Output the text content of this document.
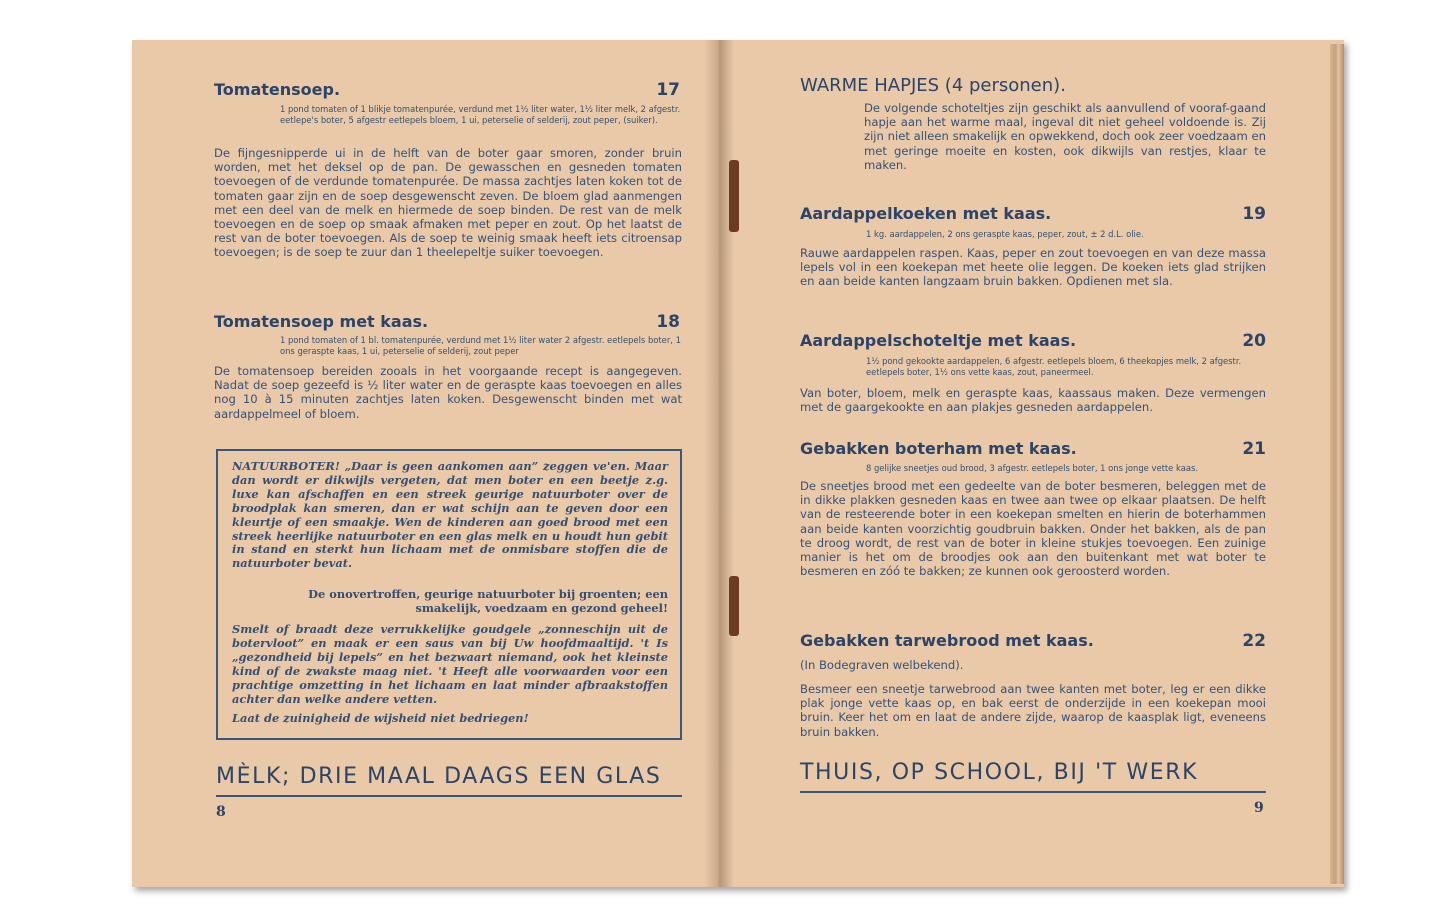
Tomatensoep.	17
1 pond tomaten of 1 blikje tomatenpurée, verdund met 1½ liter water, 1½ liter melk, 2 afgestr. eetlepe's boter, 5 afgestr eetlepels bloem, 1 ui, peterselie of selderij, zout peper, (suiker).
De fijngesnipperde ui in de helft van de boter gaar smoren, zonder bruin worden, met het deksel op de pan. De gewasschen en gesneden tomaten toevoegen of de verdunde tomatenpurée. De massa zachtjes laten koken tot de tomaten gaar zijn en de soep desgewenscht zeven. De bloem glad aanmengen met een deel van de melk en hiermede de soep binden. De rest van de melk toevoegen en de soep op smaak afmaken met peper en zout. Op het laatst de rest van de boter toevoegen. Als de soep te weinig smaak heeft iets citroensap toevoegen; is de soep te zuur dan 1 theelepeltje suiker toevoegen.
Tomatensoep met kaas.	18
1 pond tomaten of 1 bl. tomatenpurée, verdund met 1½ liter water 2 afgestr. eetlepels boter, 1 ons geraspte kaas, 1 ui, peterselie of selderij, zout peper
De tomatensoep bereiden zooals in het voorgaande recept is aangegeven. Nadat de soep gezeefd is ½ liter water en de geraspte kaas toevoegen en alles nog 10 à 15 minuten zachtjes laten koken. Desgewenscht binden met wat aardappelmeel of bloem.
NATUURBOTER! „Daar is geen aankomen aan” zeggen ve'en. Maar dan wordt er dikwijls vergeten, dat men boter en een beetje z.g. luxe kan afschaffen en een streek geurige natuurboter over de broodplak kan smeren, dan er wat schijn aan te geven door een kleurtje of een smaakje. Wen de kinderen aan goed brood met een streek heerlijke natuurboter en een glas melk en u houdt hun gebit in stand en sterkt hun lichaam met de onmisbare stoffen die de natuurboter bevat.
De onovertroffen, geurige natuurboter bij groenten; een smakelijk, voedzaam en gezond geheel!
Smelt of braadt deze verrukkelijke goudgele „zonneschijn uit de botervloot” en maak er een saus van bij Uw hoofdmaaltijd. 't Is „gezondheid bij lepels” en het bezwaart niemand, ook het kleinste kind of de zwakste maag niet. 't Heeft alle voorwaarden voor een prachtige omzetting in het lichaam en laat minder afbraakstoffen achter dan welke andere vetten.
Laat de zuinigheid de wijsheid niet bedriegen!
MÈLK; DRIE MAAL DAAGS EEN GLAS
8
WARME HAPJES (4 personen).
De volgende schoteltjes zijn geschikt als aanvullend of vooraf-gaand hapje aan het warme maal, ingeval dit niet geheel voldoende is. Zij zijn niet alleen smakelijk en opwekkend, doch ook zeer voedzaam en met geringe moeite en kosten, ook dikwijls van restjes, klaar te maken.
Aardappelkoeken met kaas.	19
1 kg. aardappelen, 2 ons geraspte kaas, peper, zout, ± 2 d.L. olie.
Rauwe aardappelen raspen. Kaas, peper en zout toevoegen en van deze massa lepels vol in een koekepan met heete olie leggen. De koeken iets glad strijken en aan beide kanten langzaam bruin bakken. Opdienen met sla.
Aardappelschoteltje met kaas.	20
1½ pond gekookte aardappelen, 6 afgestr. eetlepels bloem, 6 theekopjes melk, 2 afgestr. eetlepels boter, 1½ ons vette kaas, zout, paneermeel.
Van boter, bloem, melk en geraspte kaas, kaassaus maken. Deze vermengen met de gaargekookte en aan plakjes gesneden aardappelen.
Gebakken boterham met kaas.	21
8 gelijke sneetjes oud brood, 3 afgestr. eetlepels boter, 1 ons jonge vette kaas.
De sneetjes brood met een gedeelte van de boter besmeren, beleggen met de in dikke plakken gesneden kaas en twee aan twee op elkaar plaatsen. De helft van de resteerende boter in een koekepan smelten en hierin de boterhammen aan beide kanten voorzichtig goudbruin bakken. Onder het bakken, als de pan te droog wordt, de rest van de boter in kleine stukjes toevoegen. Een zuinige manier is het om de broodjes ook aan den buitenkant met wat boter te besmeren en zóó te bakken; ze kunnen ook geroosterd worden.
Gebakken tarwebrood met kaas.	22
(In Bodegraven welbekend).
Besmeer een sneetje tarwebrood aan twee kanten met boter, leg er een dikke plak jonge vette kaas op, en bak eerst de onderzijde in een koekepan mooi bruin. Keer het om en laat de andere zijde, waarop de kaasplak ligt, eveneens bruin bakken.
THUIS, OP SCHOOL, BIJ 'T WERK
9
